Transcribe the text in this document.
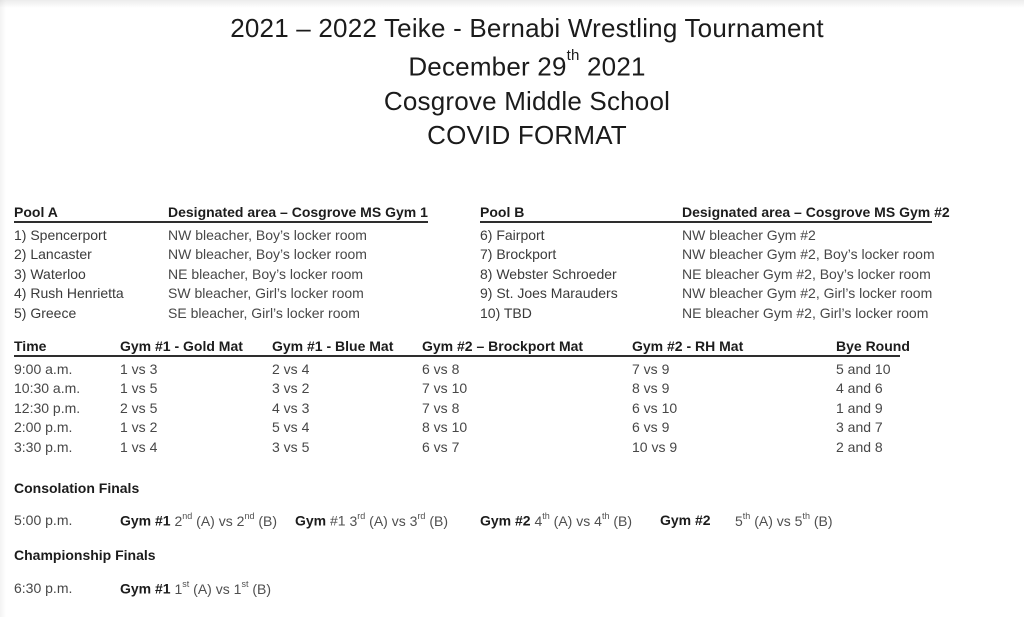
2021 – 2022 Teike - Bernabi Wrestling Tournament
December 29th 2021
Cosgrove Middle School
COVID FORMAT
Pool A	Designated area – Cosgrove MS Gym 1
1) Spencerport	NW bleacher, Boy’s locker room
2) Lancaster	NW bleacher, Boy’s locker room
3) Waterloo	NE bleacher, Boy’s locker room
4) Rush Henrietta	SW bleacher, Girl’s locker room
5) Greece	SE bleacher, Girl’s locker room
Pool B	Designated area – Cosgrove MS Gym #2
6) Fairport	NW bleacher Gym #2
7) Brockport	NW bleacher Gym #2, Boy’s locker room
8) Webster Schroeder	NE bleacher Gym #2, Boy’s locker room
9) St. Joes Marauders	NW bleacher Gym #2, Girl’s locker room
10) TBD	NE bleacher Gym #2, Girl’s locker room
Time	Gym #1 - Gold Mat	Gym #1 - Blue Mat	Gym #2 – Brockport Mat	Gym #2 - RH Mat	Bye Round
9:00 a.m.	1 vs 3	2 vs 4	6 vs 8	7 vs 9	5 and 10
10:30 a.m.	1 vs 5	3 vs 2	7 vs 10	8 vs 9	4 and 6
12:30 p.m.	2 vs 5	4 vs 3	7 vs 8	6 vs 10	1 and 9
2:00 p.m.	1 vs 2	5 vs 4	8 vs 10	6 vs 9	3 and 7
3:30 p.m.	1 vs 4	3 vs 5	6 vs 7	10 vs 9	2 and 8
Consolation Finals
5:00 p.m.	Gym #1 2nd (A) vs 2nd (B) Gym #1 3rd (A) vs 3rd (B) Gym #2 4th (A) vs 4th (B) Gym #2 5th (A) vs 5th (B)
Championship Finals
6:30 p.m.	Gym #1 1st (A) vs 1st (B)
